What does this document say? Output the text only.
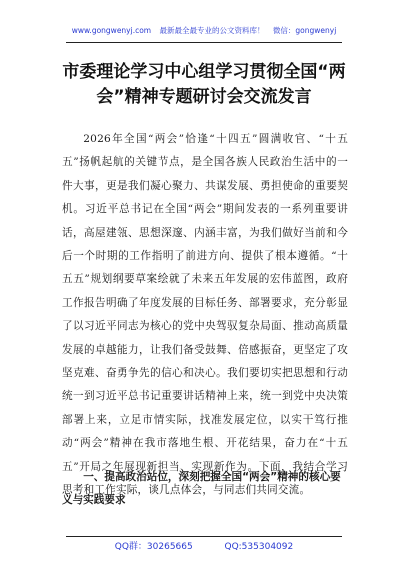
www.gongwenyj.com 最新最全最专业的公文资料库！ 微信：gongwenyj
市委理论学习中心组学习贯彻全国“两会”精神专题研讨会交流发言

2026年全国“两会”恰逢“十四五”圆满收官、“十五五”扬帆起航的关键节点，是全国各族人民政治生活中的一件大事，更是我们凝心聚力、共谋发展、勇担使命的重要契机。习近平总书记在全国“两会”期间发表的一系列重要讲话，高屋建瓴、思想深邃、内涵丰富，为我们做好当前和今后一个时期的工作指明了前进方向、提供了根本遵循。“十五五”规划纲要草案绘就了未来五年发展的宏伟蓝图，政府工作报告明确了年度发展的目标任务、部署要求，充分彰显了以习近平同志为核心的党中央驾驭复杂局面、推动高质量发展的卓越能力，让我们备受鼓舞、倍感振奋，更坚定了攻坚克难、奋勇争先的信心和决心。我们要切实把思想和行动统一到习近平总书记重要讲话精神上来，统一到党中央决策部署上来，立足市情实际，找准发展定位，以实干笃行推动“两会”精神在我市落地生根、开花结果，奋力在“十五五”开局之年展现新担当、实现新作为。下面，我结合学习思考和工作实际，谈几点体会，与同志们共同交流。

一、提高政治站位，深刻把握全国“两会”精神的核心要义与实践要求
QQ群：30265665	QQ:535304092
